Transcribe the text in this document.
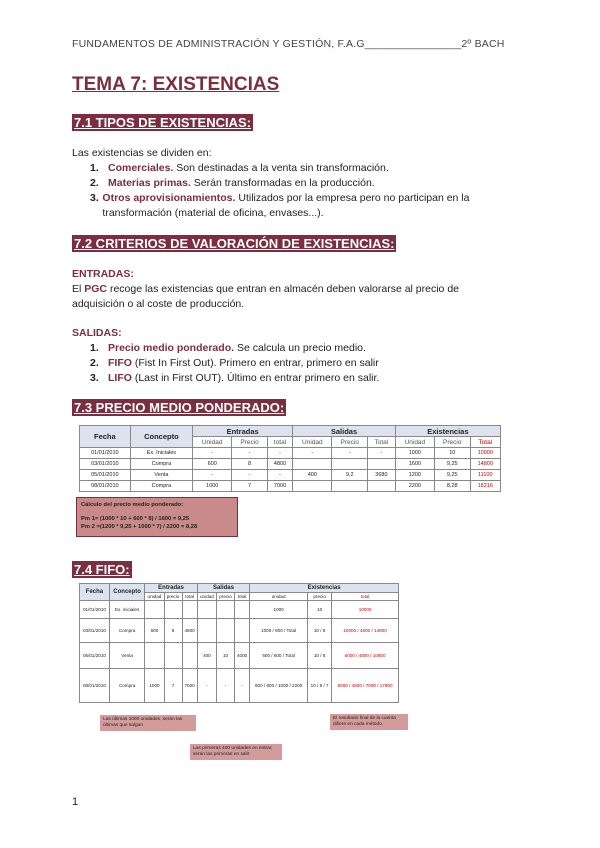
FUNDAMENTOS DE ADMINISTRACIÓN Y GESTIÓN, F.A.G________________2º BACH
TEMA 7: EXISTENCIAS
7.1 TIPOS DE EXISTENCIAS:
Las existencias se dividen en:
1. Comerciales. Son destinadas a la venta sin transformación.
2. Materias primas. Serán transformadas en la producción.
3. Otros aprovisionamientos. Utilizados por la empresa pero no participan en la transformación (material de oficina, envases...).
7.2 CRITERIOS DE VALORACIÓN DE EXISTENCIAS:
ENTRADAS:
El PGC recoge las existencias que entran en almacén deben valorarse al precio de adquisición o al coste de producción.
SALIDAS:
1. Precio medio ponderado. Se calcula un precio medio.
2. FIFO (Fist In First Out). Primero en entrar, primero en salir
3. LIFO (Last in First OUT). Último en entrar primero en salir.
7.3 PRECIO MEDIO PONDERADO:
Fecha	Concepto	Entradas			Salidas			Existencias		
		Unidad	Precio	total	Unidad	Precio	Total	Unidad	Precio	Total
01/01/2010	Ex. Iniciales	-	-	-	-	-	-	1000	10	10000
03/01/2010	Compra	600	8	4800				1600	9,25	14800
05/01/2010	Venta	-	-	-	400	9,2	3680	1200	9,25	11100
08/01/2010	Compra	1000	7	7000				2200	8,28	18216
Cálculo del precio medio ponderado:
Pm 1= (1000 * 10 + 600 * 8) / 1600 = 9,25
Pm 2 =(1200 * 9,25 + 1000 * 7) / 2200 = 8,28
7.4 FIFO:
Fecha	Concepto	Entradas			Salidas			Existencias		
		unidad	precio	total	unidad	precio	total	unidad	precio	total
01/01/2010	Ex. iniciales							1000	10	10000
03/01/2010	Compra	600	8	4800				1000 / 600 / Total	10 / 8	10000 / 4800 / 14800
05/01/2010	Venta				400	10	4000	600 / 600 / Total	10 / 8	6000 / 4800 / 10800
08/01/2010	Compra	1000	7	7000	-	-	-	600 / 600 / 1000 / 2200	10 / 8 / 7	6000 / 4800 / 7000 / 17800
Las últimas 1000 unidades, serán las últimas que salgan
Las primeras 400 unidades en entrar, serán las primeras en salir
El resultado final de la cuenta difiere en cada método.
1
